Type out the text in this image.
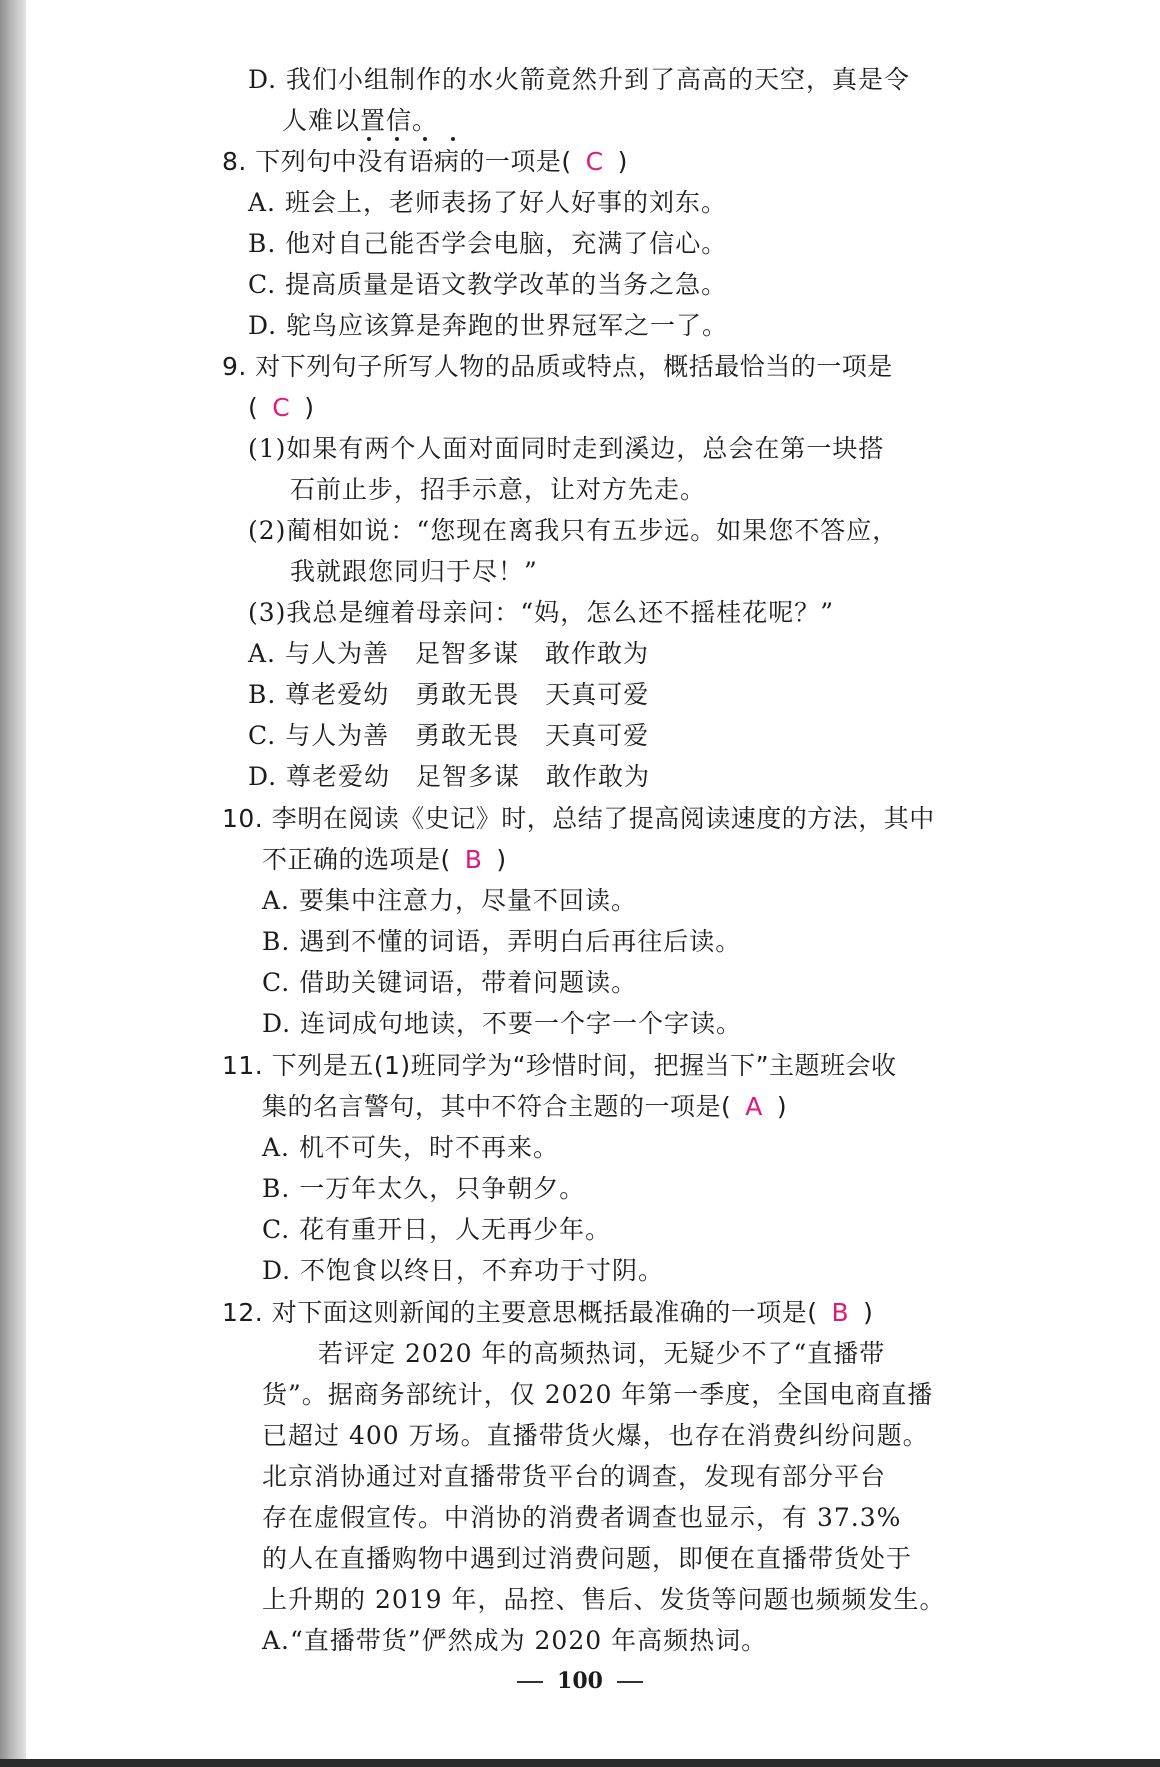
D. 我们小组制作的水火箭竟然升到了高高的天空，真是令
人难以置信。
8. 下列句中
没有语病的一项是( C )
A. 班会上，老师表扬了好人好事的刘东。
B. 他对自己能否学会电脑，充满了信心。
C. 提高质量是语文教学改革的当务之急。
D. 鸵鸟应该算是奔跑的世界冠军之一了。
9. 对下列句子所写人物的品质或特点，概括最恰当的一项是
( C )
(1)如果有两个人面对面同时走到溪边，总会在第一块搭
石前止步，招手示意，让对方先走。
(2)蔺相如说：“您现在离我只有五步远。如果您不答应，
我就跟您同归于尽！”
(3)我总是缠着母亲问：“妈，怎么还不摇桂花呢？”
A. 与人为善　足智多谋　敢作敢为
B. 尊老爱幼　勇敢无畏　天真可爱
C. 与人为善　勇敢无畏　天真可爱
D. 尊老爱幼　足智多谋　敢作敢为
10. 李明在阅读《史记》时，总结了提高阅读速度的方法，其中
不正确的选项是( B )
A. 要集中注意力，尽量不回读。
B. 遇到不懂的词语，弄明白后再往后读。
C. 借助关键词语，带着问题读。
D. 连词成句地读，不要一个字一个字读。
11. 下列是五(1)班同学为“珍惜时间，把握当下”主题班会收
集的名言警句，其中不符合主题的一项是( A )
A. 机不可失，时不再来。
B. 一万年太久，只争朝夕。
C. 花有重开日，人无再少年。
D. 不饱食以终日，不弃功于寸阴。
12. 对下面这则新闻的主要意思概括最准确的一项是( B )
若评定 2020 年的高频热词，无疑少不了“直播带
货”。据商务部统计，仅 2020 年第一季度，全国电商直播
已超过 400 万场。直播带货火爆，也存在消费纠纷问题。
北京消协通过对直播带货平台的调查，发现有部分平台
存在虚假宣传。中消协的消费者调查也显示，有 37.3%
的人在直播购物中遇到过消费问题，即便在直播带货处于
上升期的 2019 年，品控、售后、发货等问题也频频发生。
A.“直播带货”俨然成为 2020 年高频热词。
100
